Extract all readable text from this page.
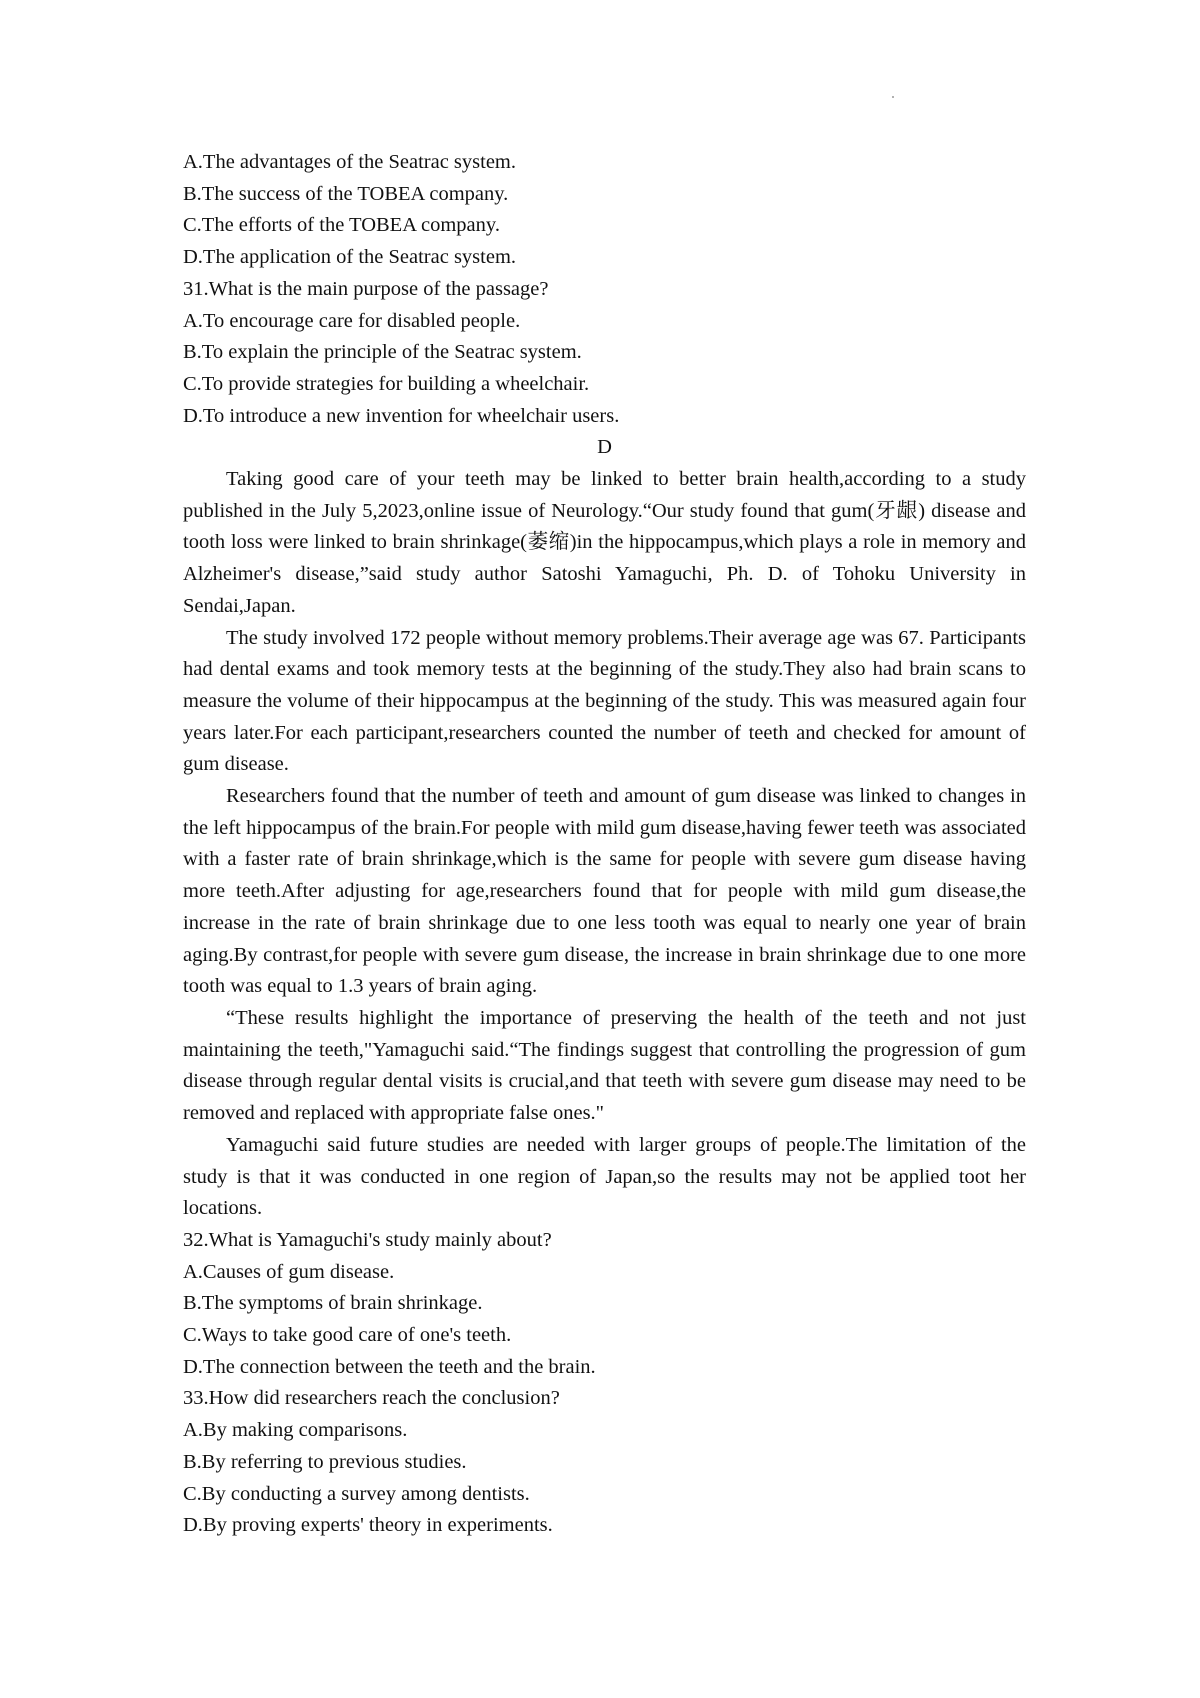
A.The advantages of the Seatrac system.

B.The success of the TOBEA company.

C.The efforts of the TOBEA company.

D.The application of the Seatrac system.

31.What is the main purpose of the passage?

A.To encourage care for disabled people.

B.To explain the principle of the Seatrac system.

C.To provide strategies for building a wheelchair.

D.To introduce a new invention for wheelchair users.

D

Taking good care of your teeth may be linked to better brain health,according to a study published in the July 5,2023,online issue of Neurology.“Our study found that gum(牙龈) disease and tooth loss were linked to brain shrinkage(萎缩)in the hippocampus,which plays a role in memory and Alzheimer's disease,”said study author Satoshi Yamaguchi, Ph. D. of Tohoku University in Sendai,Japan.

The study involved 172 people without memory problems.Their average age was 67. Participants had dental exams and took memory tests at the beginning of the study.They also had brain scans to measure the volume of their hippocampus at the beginning of the study. This was measured again four years later.For each participant,researchers counted the number of teeth and checked for amount of gum disease.

Researchers found that the number of teeth and amount of gum disease was linked to changes in the left hippocampus of the brain.For people with mild gum disease,having fewer teeth was associated with a faster rate of brain shrinkage,which is the same for people with severe gum disease having more teeth.After adjusting for age,researchers found that for people with mild gum disease,the increase in the rate of brain shrinkage due to one less tooth was equal to nearly one year of brain aging.By contrast,for people with severe gum disease, the increase in brain shrinkage due to one more tooth was equal to 1.3 years of brain aging.

“These results highlight the importance of preserving the health of the teeth and not just maintaining the teeth,"Yamaguchi said.“The findings suggest that controlling the progression of gum disease through regular dental visits is crucial,and that teeth with severe gum disease may need to be removed and replaced with appropriate false ones."

Yamaguchi said future studies are needed with larger groups of people.The limitation of the study is that it was conducted in one region of Japan,so the results may not be applied toot her locations.

32.What is Yamaguchi's study mainly about?

A.Causes of gum disease.

B.The symptoms of brain shrinkage.

C.Ways to take good care of one's teeth.

D.The connection between the teeth and the brain.

33.How did researchers reach the conclusion?

A.By making comparisons.

B.By referring to previous studies.

C.By conducting a survey among dentists.

D.By proving experts' theory in experiments.
